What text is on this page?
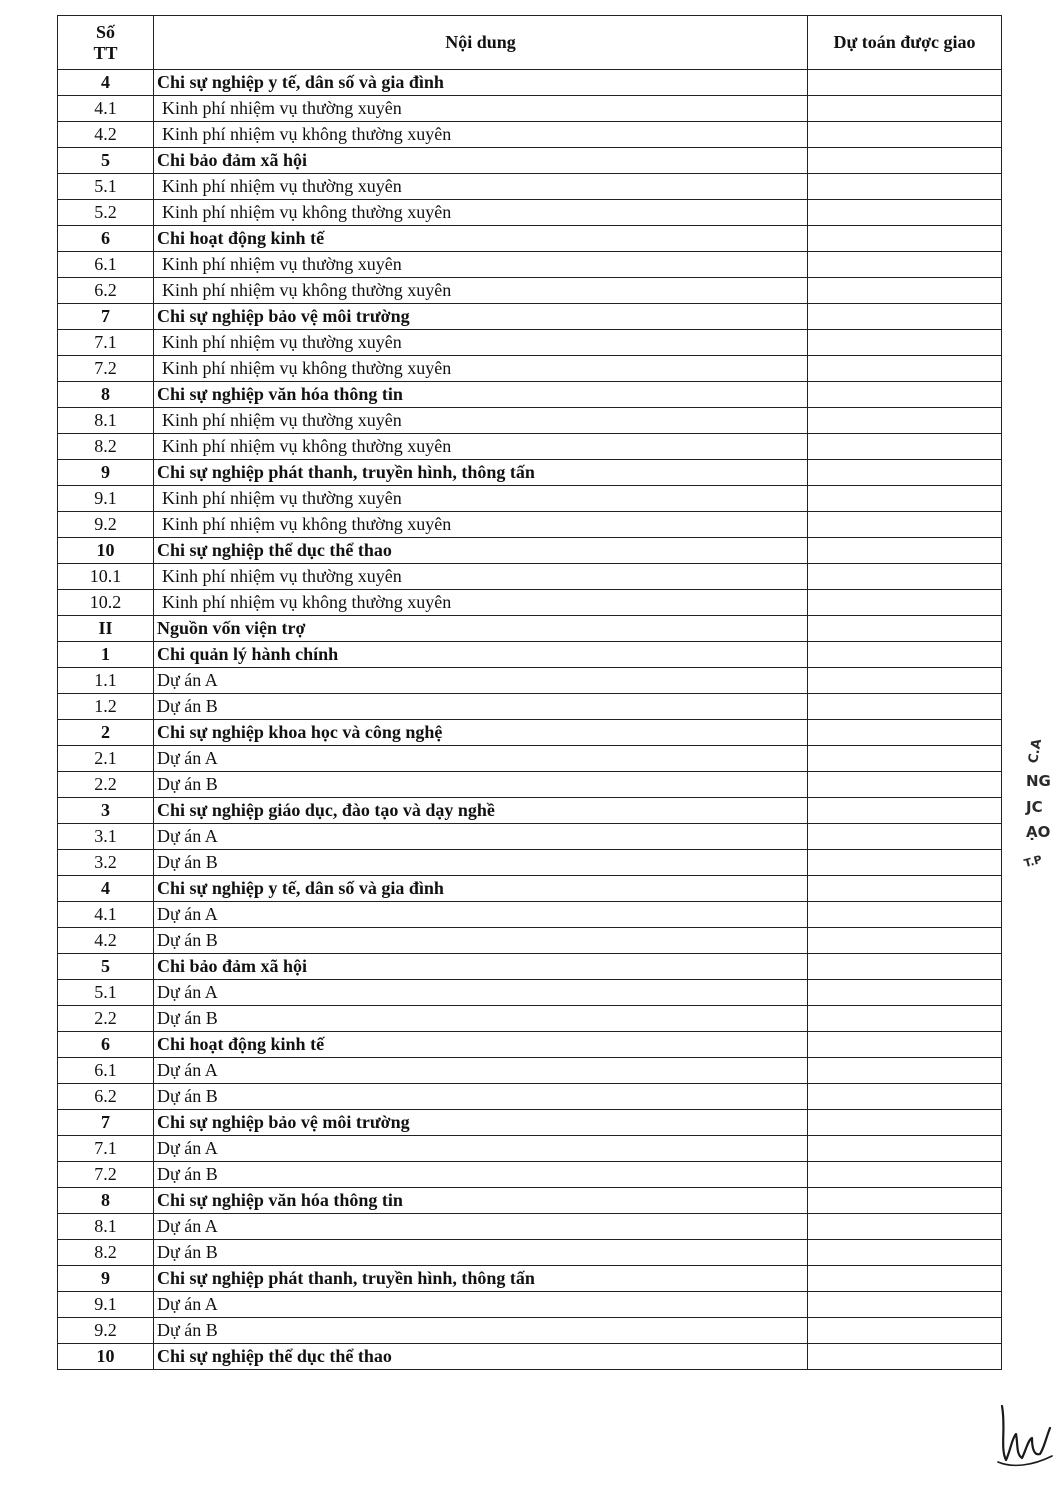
Số TT	Nội dung	Dự toán được giao
4	Chi sự nghiệp y tế, dân số và gia đình	
4.1	Kinh phí nhiệm vụ thường xuyên	
4.2	Kinh phí nhiệm vụ không thường xuyên	
5	Chi bảo đảm xã hội	
5.1	Kinh phí nhiệm vụ thường xuyên	
5.2	Kinh phí nhiệm vụ không thường xuyên	
6	Chi hoạt động kinh tế	
6.1	Kinh phí nhiệm vụ thường xuyên	
6.2	Kinh phí nhiệm vụ không thường xuyên	
7	Chi sự nghiệp bảo vệ môi trường	
7.1	Kinh phí nhiệm vụ thường xuyên	
7.2	Kinh phí nhiệm vụ không thường xuyên	
8	Chi sự nghiệp văn hóa thông tin	
8.1	Kinh phí nhiệm vụ thường xuyên	
8.2	Kinh phí nhiệm vụ không thường xuyên	
9	Chi sự nghiệp phát thanh, truyền hình, thông tấn	
9.1	Kinh phí nhiệm vụ thường xuyên	
9.2	Kinh phí nhiệm vụ không thường xuyên	
10	Chi sự nghiệp thể dục thể thao	
10.1	Kinh phí nhiệm vụ thường xuyên	
10.2	Kinh phí nhiệm vụ không thường xuyên	
II	Nguồn vốn viện trợ	
1	Chi quản lý hành chính	
1.1	Dự án A	
1.2	Dự án B	
2	Chi sự nghiệp khoa học và công nghệ	
2.1	Dự án A	
2.2	Dự án B	
3	Chi sự nghiệp giáo dục, đào tạo và dạy nghề	
3.1	Dự án A	
3.2	Dự án B	
4	Chi sự nghiệp y tế, dân số và gia đình	
4.1	Dự án A	
4.2	Dự án B	
5	Chi bảo đảm xã hội	
5.1	Dự án A	
2.2	Dự án B	
6	Chi hoạt động kinh tế	
6.1	Dự án A	
6.2	Dự án B	
7	Chi sự nghiệp bảo vệ môi trường	
7.1	Dự án A	
7.2	Dự án B	
8	Chi sự nghiệp văn hóa thông tin	
8.1	Dự án A	
8.2	Dự án B	
9	Chi sự nghiệp phát thanh, truyền hình, thông tấn	
9.1	Dự án A	
9.2	Dự án B	
10	Chi sự nghiệp thể dục thể thao	
C.A
NG
JC
ẠO
T.P
